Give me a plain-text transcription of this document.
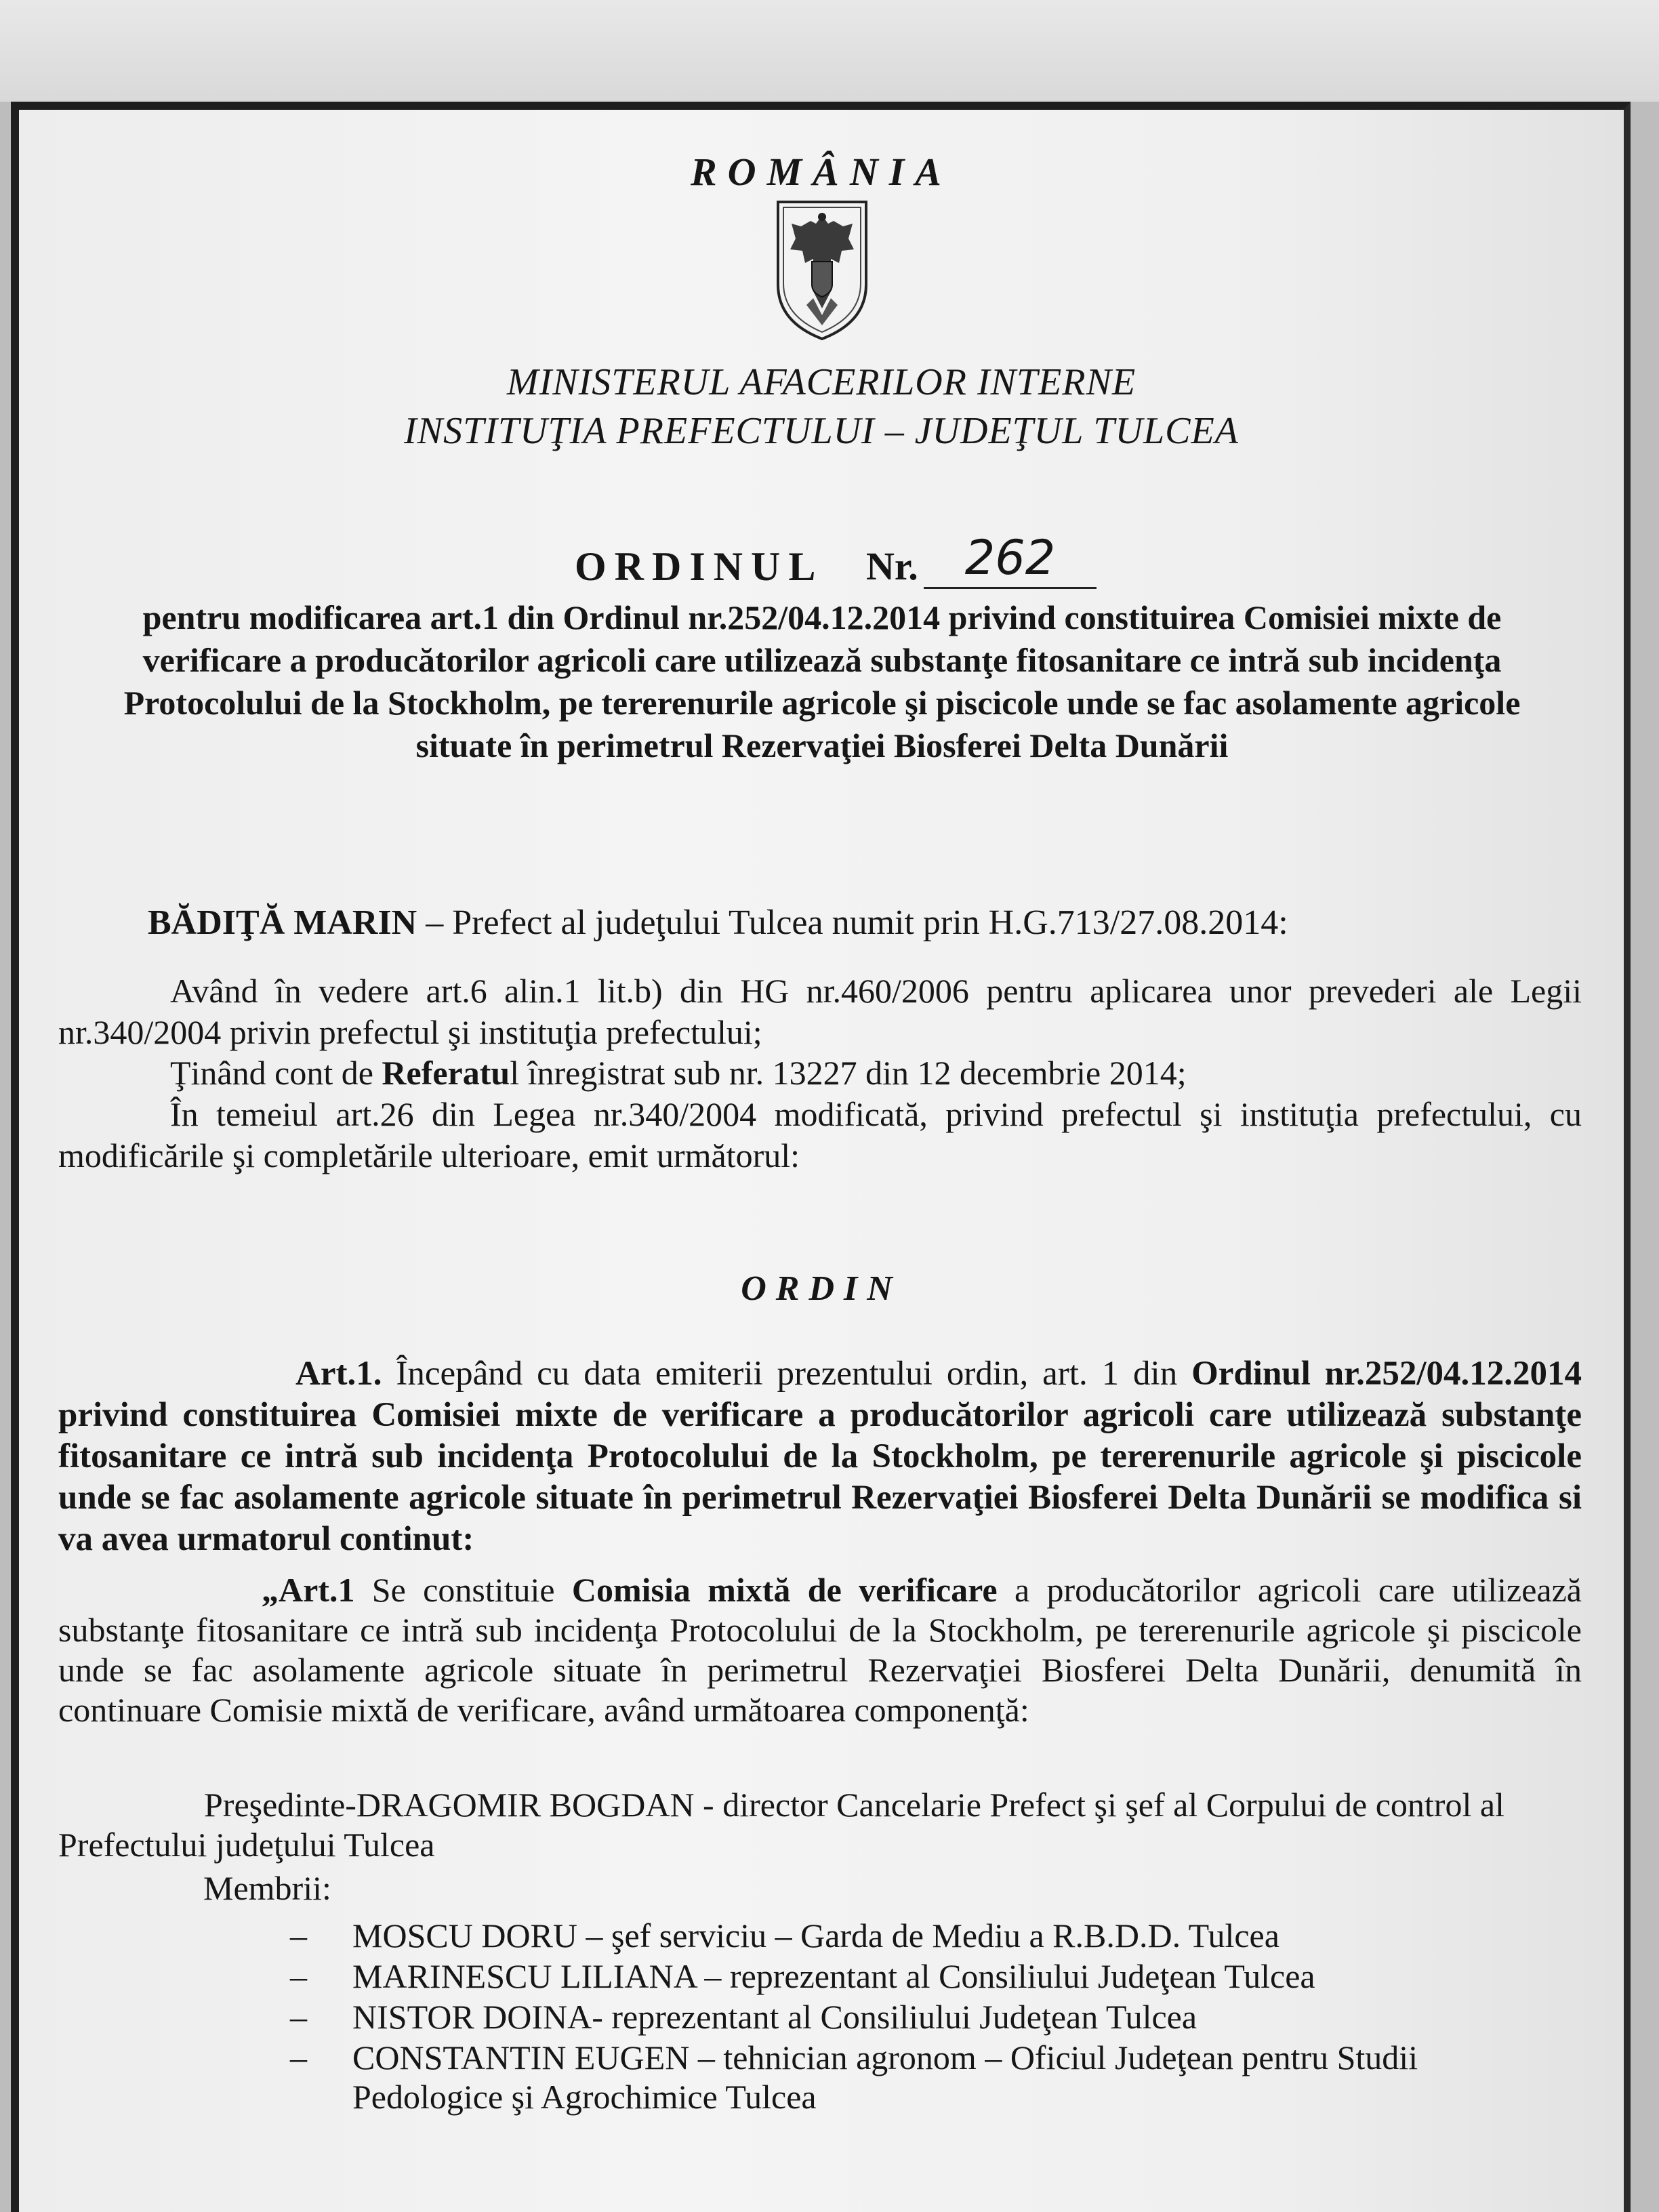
ROMÂNIA
MINISTERUL AFACERILOR INTERNE
INSTITUŢIA PREFECTULUI – JUDEŢUL TULCEA
ORDINUL Nr. 262
pentru modificarea art.1 din Ordinul nr.252/04.12.2014 privind constituirea Comisiei mixte de verificare a producătorilor agricoli care utilizează substanţe fitosanitare ce intră sub incidenţa Protocolului de la Stockholm, pe tererenurile agricole şi piscicole unde se fac asolamente agricole situate în perimetrul Rezervaţiei Biosferei Delta Dunării
BĂDIŢĂ MARIN – Prefect al judeţului Tulcea numit prin H.G.713/27.08.2014:
Având în vedere art.6 alin.1 lit.b) din HG nr.460/2006 pentru aplicarea unor prevederi ale Legii nr.340/2004 privin prefectul şi instituţia prefectului;
Ţinând cont de Referatul înregistrat sub nr. 13227 din 12 decembrie 2014;
În temeiul art.26 din Legea nr.340/2004 modificată, privind prefectul şi instituţia prefectului, cu modificările şi completările ulterioare, emit următorul:
ORDIN
Art.1. Începând cu data emiterii prezentului ordin, art. 1 din Ordinul nr.252/04.12.2014 privind constituirea Comisiei mixte de verificare a producătorilor agricoli care utilizează substanţe fitosanitare ce intră sub incidenţa Protocolului de la Stockholm, pe tererenurile agricole şi piscicole unde se fac asolamente agricole situate în perimetrul Rezervaţiei Biosferei Delta Dunării se modifica si va avea urmatorul continut:
„Art.1 Se constituie Comisia mixtă de verificare a producătorilor agricoli care utilizează substanţe fitosanitare ce intră sub incidenţa Protocolului de la Stockholm, pe tererenurile agricole şi piscicole unde se fac asolamente agricole situate în perimetrul Rezervaţiei Biosferei Delta Dunării, denumită în continuare Comisie mixtă de verificare, având următoarea componenţă:
Preşedinte-DRAGOMIR BOGDAN - director Cancelarie Prefect şi şef al Corpului de control al Prefectului judeţului Tulcea
Membrii:
– MOSCU DORU – şef serviciu – Garda de Mediu a R.B.D.D. Tulcea
– MARINESCU LILIANA – reprezentant al Consiliului Judeţean Tulcea
– NISTOR DOINA- reprezentant al Consiliului Judeţean Tulcea
– CONSTANTIN EUGEN – tehnician agronom – Oficiul Judeţean pentru Studii Pedologice şi Agrochimice Tulcea
